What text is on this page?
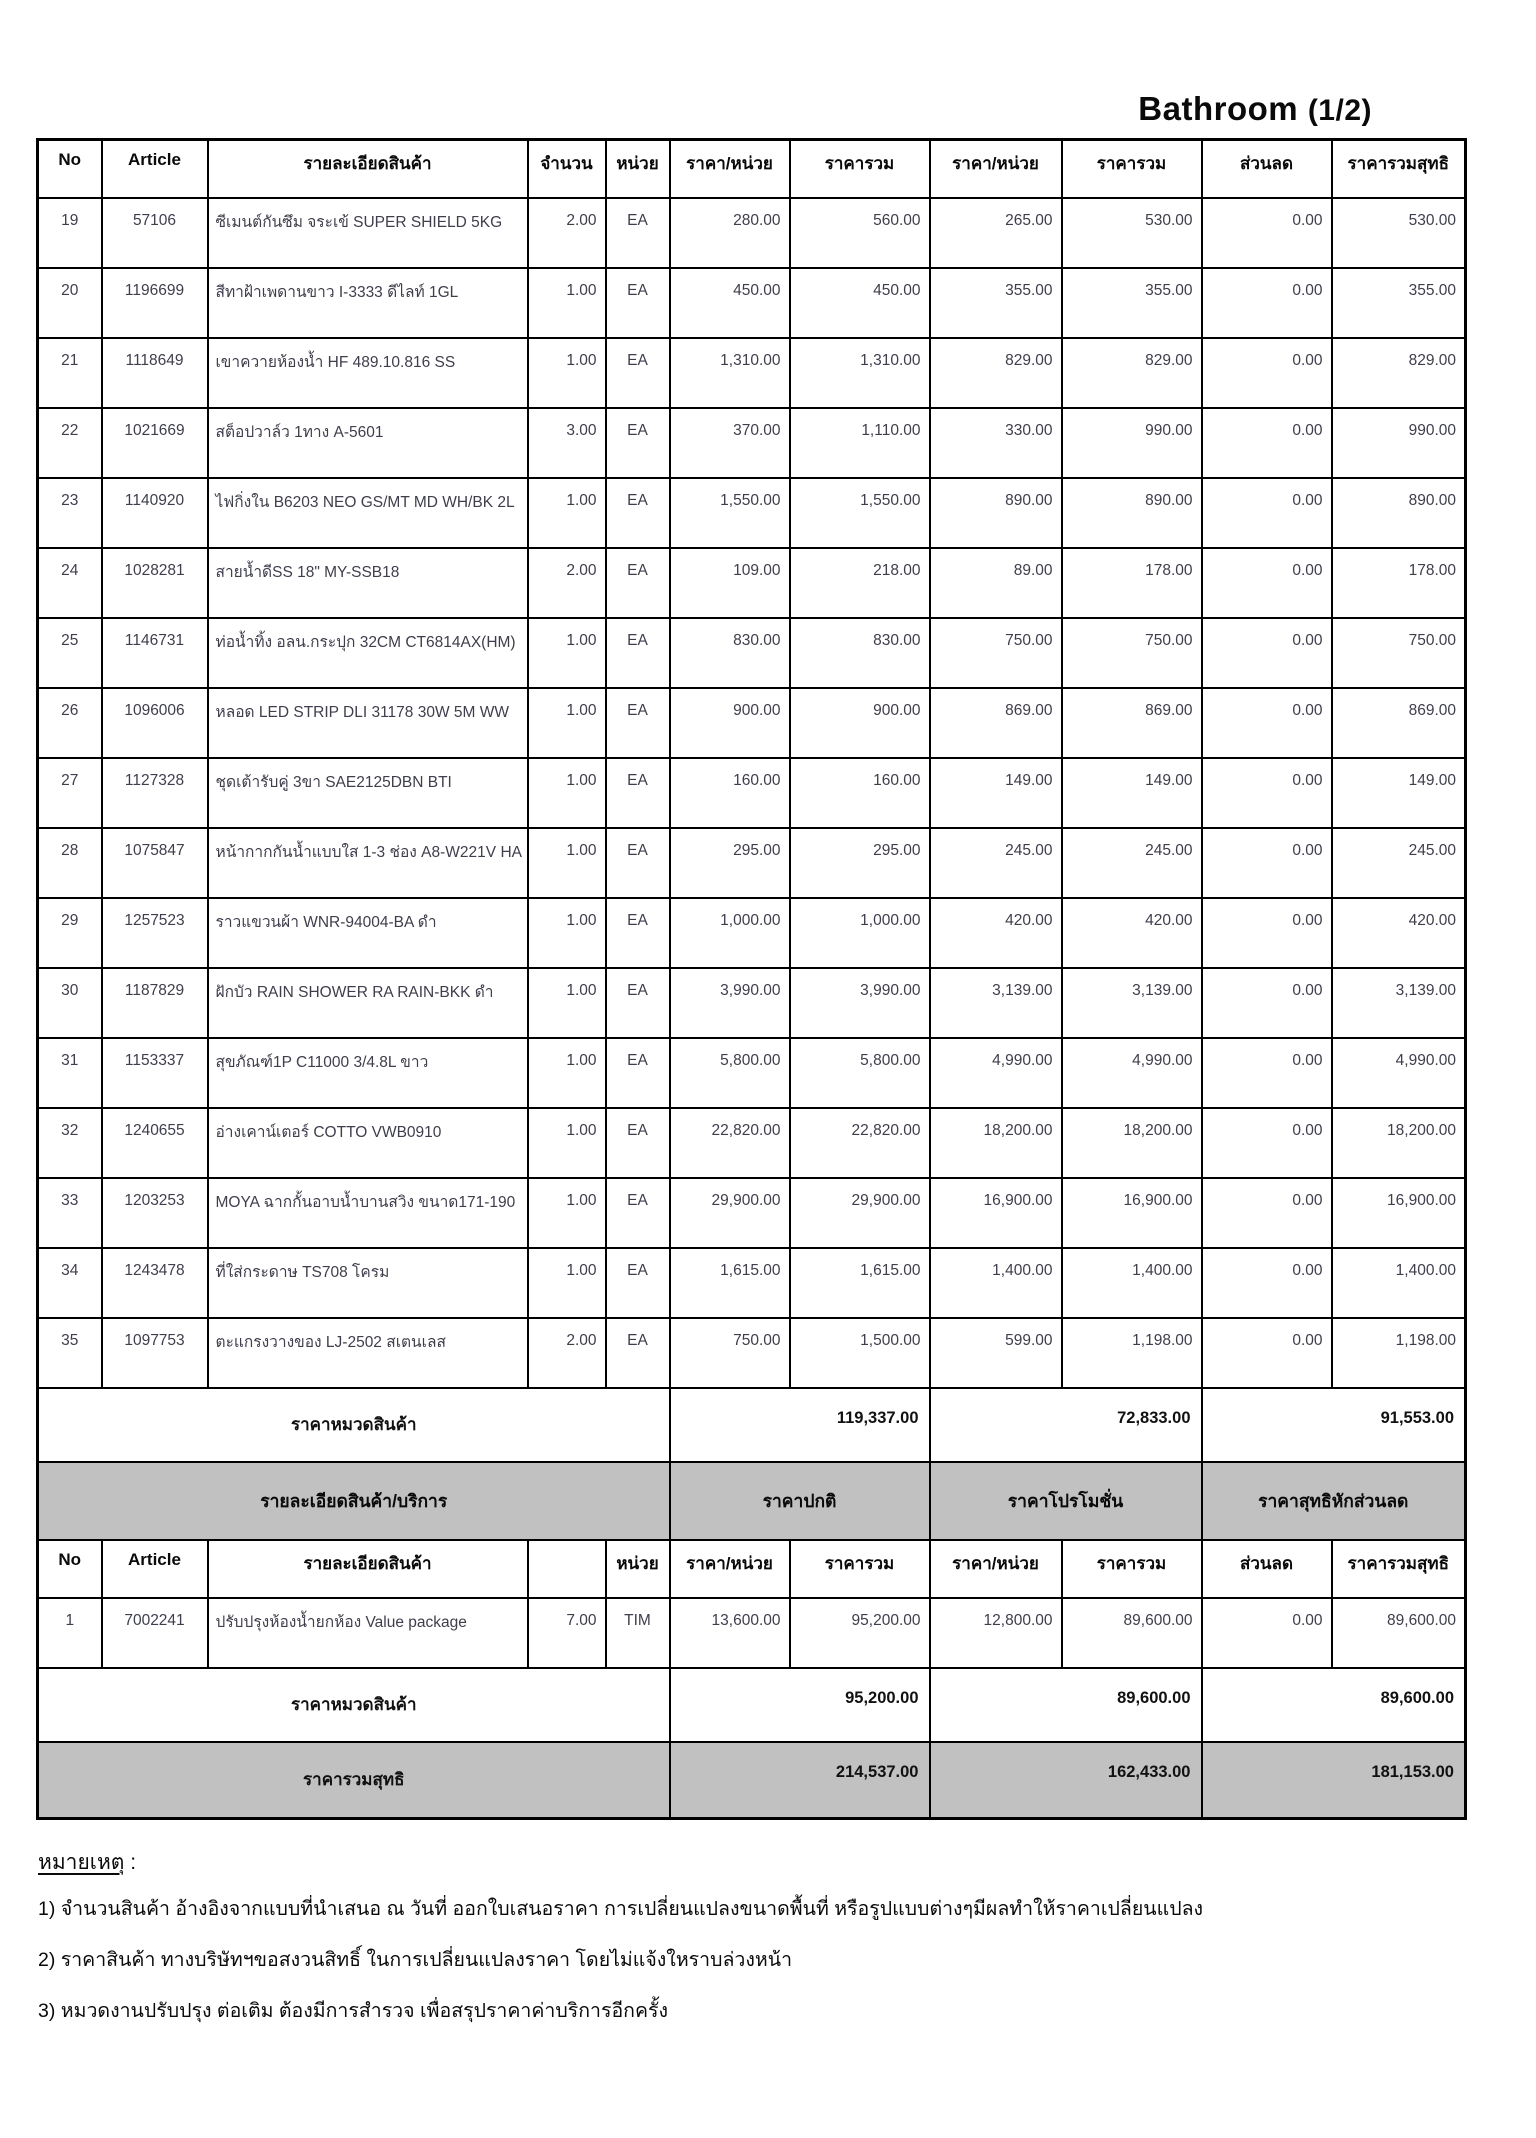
Bathroom (1/2)
No	Article	รายละเอียดสินค้า	จำนวน	หน่วย	ราคา/หน่วย	ราคารวม	ราคา/หน่วย	ราคารวม	ส่วนลด	ราคารวมสุทธิ
19	57106	ซีเมนต์กันซึม จระเข้ SUPER SHIELD 5KG	2.00	EA	280.00	560.00	265.00	530.00	0.00	530.00
20	1196699	สีทาฝ้าเพดานขาว I-3333 ดีไลท์ 1GL	1.00	EA	450.00	450.00	355.00	355.00	0.00	355.00
21	1118649	เขาควายห้องน้ำ HF 489.10.816 SS	1.00	EA	1,310.00	1,310.00	829.00	829.00	0.00	829.00
22	1021669	สต็อปวาล์ว 1ทาง A-5601	3.00	EA	370.00	1,110.00	330.00	990.00	0.00	990.00
23	1140920	ไฟกิ่งใน B6203 NEO GS/MT MD WH/BK 2L	1.00	EA	1,550.00	1,550.00	890.00	890.00	0.00	890.00
24	1028281	สายน้ำดีSS 18" MY-SSB18	2.00	EA	109.00	218.00	89.00	178.00	0.00	178.00
25	1146731	ท่อน้ำทิ้ง อลน.กระปุก 32CM CT6814AX(HM)	1.00	EA	830.00	830.00	750.00	750.00	0.00	750.00
26	1096006	หลอด LED STRIP DLI 31178 30W 5M WW	1.00	EA	900.00	900.00	869.00	869.00	0.00	869.00
27	1127328	ชุดเต้ารับคู่ 3ขา SAE2125DBN BTI	1.00	EA	160.00	160.00	149.00	149.00	0.00	149.00
28	1075847	หน้ากากกันน้ำแบบใส 1-3 ช่อง A8-W221V HA	1.00	EA	295.00	295.00	245.00	245.00	0.00	245.00
29	1257523	ราวแขวนผ้า WNR-94004-BA ดำ	1.00	EA	1,000.00	1,000.00	420.00	420.00	0.00	420.00
30	1187829	ฝักบัว RAIN SHOWER RA RAIN-BKK ดำ	1.00	EA	3,990.00	3,990.00	3,139.00	3,139.00	0.00	3,139.00
31	1153337	สุขภัณฑ์1P C11000 3/4.8L ขาว	1.00	EA	5,800.00	5,800.00	4,990.00	4,990.00	0.00	4,990.00
32	1240655	อ่างเคาน์เตอร์ COTTO VWB0910	1.00	EA	22,820.00	22,820.00	18,200.00	18,200.00	0.00	18,200.00
33	1203253	MOYA ฉากกั้นอาบน้ำบานสวิง ขนาด171-190	1.00	EA	29,900.00	29,900.00	16,900.00	16,900.00	0.00	16,900.00
34	1243478	ที่ใส่กระดาษ TS708 โครม	1.00	EA	1,615.00	1,615.00	1,400.00	1,400.00	0.00	1,400.00
35	1097753	ตะแกรงวางของ LJ-2502 สเตนเลส	2.00	EA	750.00	1,500.00	599.00	1,198.00	0.00	1,198.00
ราคาหมวดสินค้า					119,337.00		72,833.00		91,553.00	
รายละเอียดสินค้า/บริการ					ราคาปกติ		ราคาโปรโมชั่น		ราคาสุทธิหักส่วนลด	
No	Article	รายละเอียดสินค้า		หน่วย	ราคา/หน่วย	ราคารวม	ราคา/หน่วย	ราคารวม	ส่วนลด	ราคารวมสุทธิ
1	7002241	ปรับปรุงห้องน้ำยกห้อง Value package	7.00	TIM	13,600.00	95,200.00	12,800.00	89,600.00	0.00	89,600.00
ราคาหมวดสินค้า					95,200.00		89,600.00		89,600.00	
ราคารวมสุทธิ					214,537.00		162,433.00		181,153.00	
หมายเหตุ :

1) จำนวนสินค้า อ้างอิงจากแบบที่นำเสนอ ณ วันที่ ออกใบเสนอราคา การเปลี่ยนแปลงขนาดพื้นที่ หรือรูปแบบต่างๆมีผลทำให้ราคาเปลี่ยนแปลง

2) ราคาสินค้า ทางบริษัทฯขอสงวนสิทธิ์ ในการเปลี่ยนแปลงราคา โดยไม่แจ้งใหราบล่วงหน้า

3) หมวดงานปรับปรุง ต่อเติม ต้องมีการสำรวจ เพื่อสรุปราคาค่าบริการอีกครั้ง
